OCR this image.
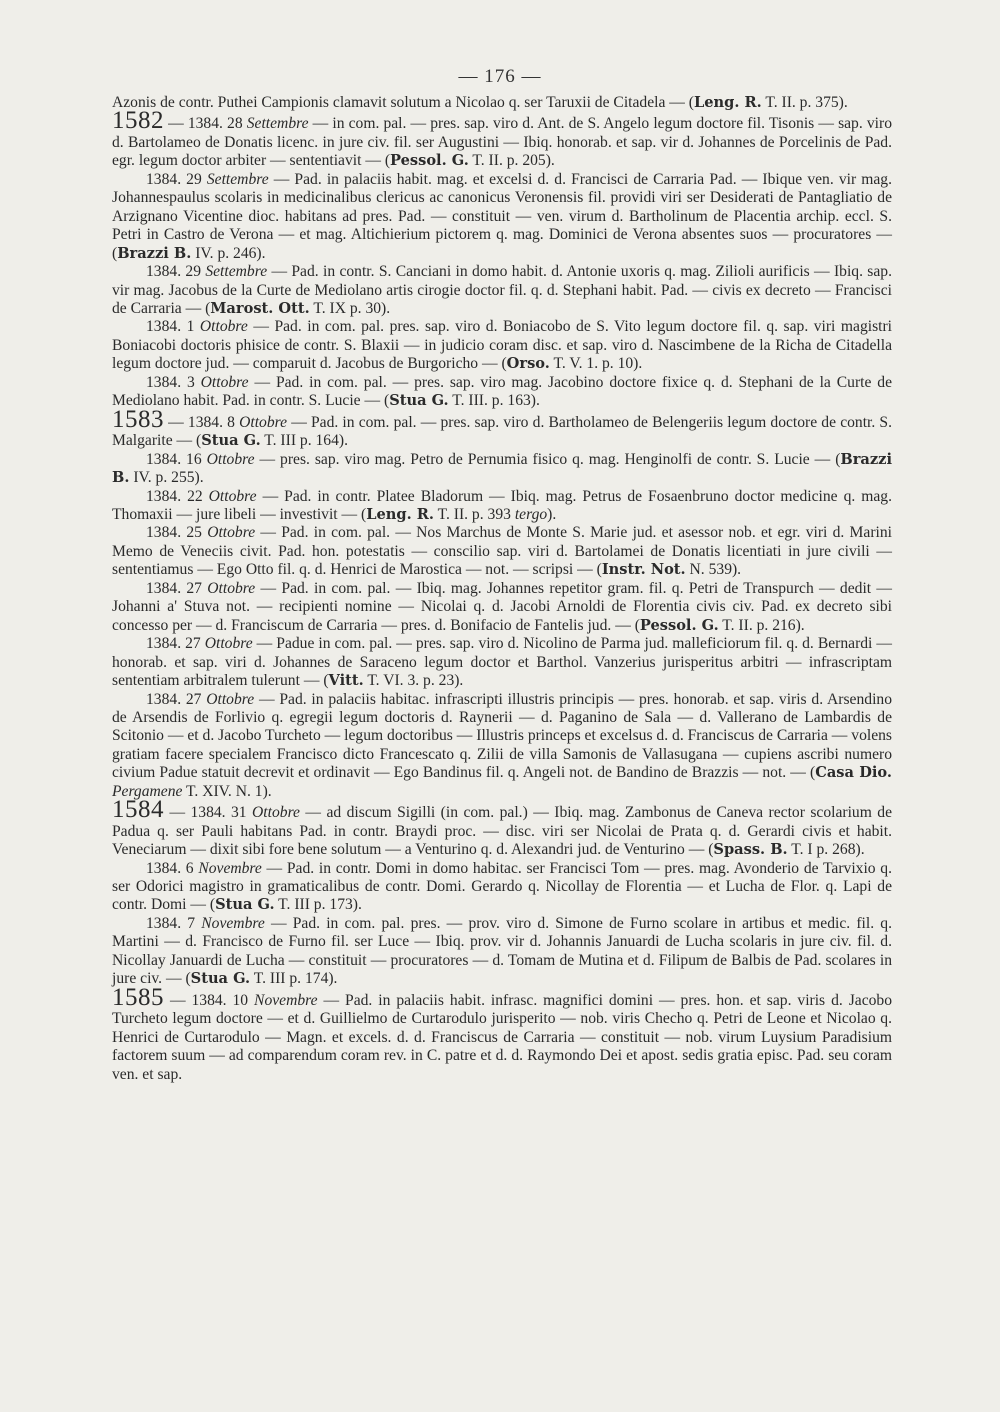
— 176 —

Azonis de contr. Puthei Campionis clamavit solutum a Nicolao q. ser Taruxii de Citadela — (Leng. R. T. II. p. 375).

1582 — 1384. 28 Settembre — in com. pal. — pres. sap. viro d. Ant. de S. Angelo legum doctore fil. Tisonis — sap. viro d. Bartolameo de Donatis licenc. in jure civ. fil. ser Augustini — Ibiq. honorab. et sap. vir d. Johannes de Porcelinis de Pad. egr. legum doctor arbiter — sententiavit — (Pessol. G. T. II. p. 205).

1384. 29 Settembre — Pad. in palaciis habit. mag. et excelsi d. d. Francisci de Carraria Pad. — Ibique ven. vir mag. Johannespaulus scolaris in medicinalibus clericus ac canonicus Veronensis fil. providi viri ser Desiderati de Pantagliatio de Arzignano Vicentine dioc. habitans ad pres. Pad. — constituit — ven. virum d. Bartholinum de Placentia archip. eccl. S. Petri in Castro de Verona — et mag. Altichierium pictorem q. mag. Dominici de Verona absentes suos — procuratores — (Brazzi B. IV. p. 246).

1384. 29 Settembre — Pad. in contr. S. Canciani in domo habit. d. Antonie uxoris q. mag. Zilioli aurificis — Ibiq. sap. vir mag. Jacobus de la Curte de Mediolano artis cirogie doctor fil. q. d. Stephani habit. Pad. — civis ex decreto — Francisci de Carraria — (Marost. Ott. T. IX p. 30).

1384. 1 Ottobre — Pad. in com. pal. pres. sap. viro d. Boniacobo de S. Vito legum doctore fil. q. sap. viri magistri Boniacobi doctoris phisice de contr. S. Blaxii — in judicio coram disc. et sap. viro d. Nascimbene de la Richa de Citadella legum doctore jud. — comparuit d. Jacobus de Burgoricho — (Orso. T. V. 1. p. 10).

1384. 3 Ottobre — Pad. in com. pal. — pres. sap. viro mag. Jacobino doctore fixice q. d. Stephani de la Curte de Mediolano habit. Pad. in contr. S. Lucie — (Stua G. T. III. p. 163).

1583 — 1384. 8 Ottobre — Pad. in com. pal. — pres. sap. viro d. Bartholameo de Belengeriis legum doctore de contr. S. Malgarite — (Stua G. T. III p. 164).

1384. 16 Ottobre — pres. sap. viro mag. Petro de Pernumia fisico q. mag. Henginolfi de contr. S. Lucie — (Brazzi B. IV. p. 255).

1384. 22 Ottobre — Pad. in contr. Platee Bladorum — Ibiq. mag. Petrus de Fosaenbruno doctor medicine q. mag. Thomaxii — jure libeli — investivit — (Leng. R. T. II. p. 393 tergo).

1384. 25 Ottobre — Pad. in com. pal. — Nos Marchus de Monte S. Marie jud. et asessor nob. et egr. viri d. Marini Memo de Veneciis civit. Pad. hon. potestatis — conscilio sap. viri d. Bartolamei de Donatis licentiati in jure civili — sententiamus — Ego Otto fil. q. d. Henrici de Marostica — not. — scripsi — (Instr. Not. N. 539).

1384. 27 Ottobre — Pad. in com. pal. — Ibiq. mag. Johannes repetitor gram. fil. q. Petri de Transpurch — dedit — Johanni a' Stuva not. — recipienti nomine — Nicolai q. d. Jacobi Arnoldi de Florentia civis civ. Pad. ex decreto sibi concesso per — d. Franciscum de Carraria — pres. d. Bonifacio de Fantelis jud. — (Pessol. G. T. II. p. 216).

1384. 27 Ottobre — Padue in com. pal. — pres. sap. viro d. Nicolino de Parma jud. malleficiorum fil. q. d. Bernardi — honorab. et sap. viri d. Johannes de Saraceno legum doctor et Barthol. Vanzerius jurisperitus arbitri — infrascriptam sententiam arbitralem tulerunt — (Vitt. T. VI. 3. p. 23).

1384. 27 Ottobre — Pad. in palaciis habitac. infrascripti illustris principis — pres. honorab. et sap. viris d. Arsendino de Arsendis de Forlivio q. egregii legum doctoris d. Raynerii — d. Paganino de Sala — d. Vallerano de Lambardis de Scitonio — et d. Jacobo Turcheto — legum doctoribus — Illustris princeps et excelsus d. d. Franciscus de Carraria — volens gratiam facere specialem Francisco dicto Francescato q. Zilii de villa Samonis de Vallasugana — cupiens ascribi numero civium Padue statuit decrevit et ordinavit — Ego Bandinus fil. q. Angeli not. de Bandino de Brazzis — not. — (Casa Dio. Pergamene T. XIV. N. 1).

1584 — 1384. 31 Ottobre — ad discum Sigilli (in com. pal.) — Ibiq. mag. Zambonus de Caneva rector scolarium de Padua q. ser Pauli habitans Pad. in contr. Braydi proc. — disc. viri ser Nicolai de Prata q. d. Gerardi civis et habit. Veneciarum — dixit sibi fore bene solutum — a Venturino q. d. Alexandri jud. de Venturino — (Spass. B. T. I p. 268).

1384. 6 Novembre — Pad. in contr. Domi in domo habitac. ser Francisci Tom — pres. mag. Avonderio de Tarvixio q. ser Odorici magistro in gramaticalibus de contr. Domi. Gerardo q. Nicollay de Florentia — et Lucha de Flor. q. Lapi de contr. Domi — (Stua G. T. III p. 173).

1384. 7 Novembre — Pad. in com. pal. pres. — prov. viro d. Simone de Furno scolare in artibus et medic. fil. q. Martini — d. Francisco de Furno fil. ser Luce — Ibiq. prov. vir d. Johannis Januardi de Lucha scolaris in jure civ. fil. d. Nicollay Januardi de Lucha — constituit — procuratores — d. Tomam de Mutina et d. Filipum de Balbis de Pad. scolares in jure civ. — (Stua G. T. III p. 174).

1585 — 1384. 10 Novembre — Pad. in palaciis habit. infrasc. magnifici domini — pres. hon. et sap. viris d. Jacobo Turcheto legum doctore — et d. Guillielmo de Curtarodulo jurisperito — nob. viris Checho q. Petri de Leone et Nicolao q. Henrici de Curtarodulo — Magn. et excels. d. d. Franciscus de Carraria — constituit — nob. virum Luysium Paradisium factorem suum — ad comparendum coram rev. in C. patre et d. d. Raymondo Dei et apost. sedis gratia episc. Pad. seu coram ven. et sap.
